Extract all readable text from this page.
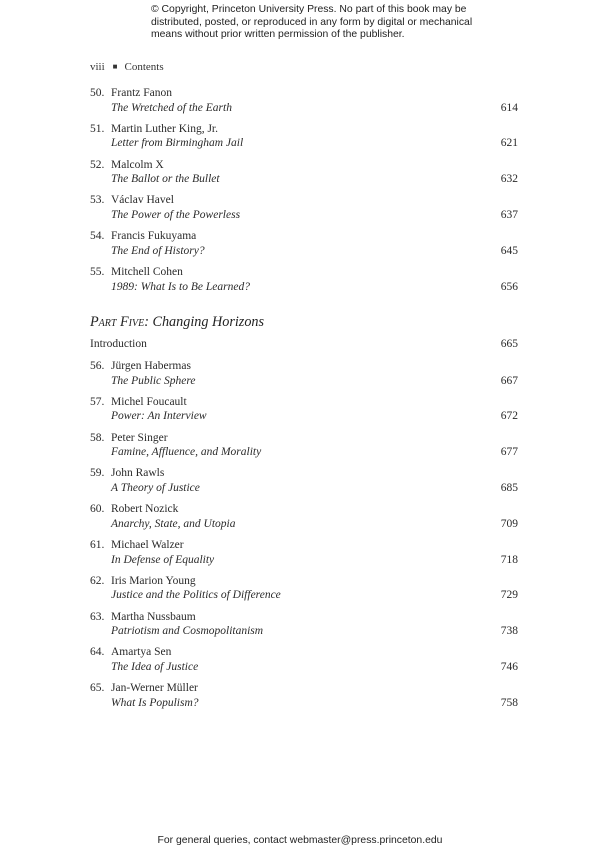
© Copyright, Princeton University Press. No part of this book may be
distributed, posted, or reproduced in any form by digital or mechanical
means without prior written permission of the publisher.
viii ■ Contents
50. Frantz Fanon
The Wretched of the Earth	614
51. Martin Luther King, Jr.
Letter from Birmingham Jail	621
52. Malcolm X
The Ballot or the Bullet	632
53. Václav Havel
The Power of the Powerless	637
54. Francis Fukuyama
The End of History?	645
55. Mitchell Cohen
1989: What Is to Be Learned?	656
Part Five: Changing Horizons
Introduction	665
56. Jürgen Habermas
The Public Sphere	667
57. Michel Foucault
Power: An Interview	672
58. Peter Singer
Famine, Affluence, and Morality	677
59. John Rawls
A Theory of Justice	685
60. Robert Nozick
Anarchy, State, and Utopia	709
61. Michael Walzer
In Defense of Equality	718
62. Iris Marion Young
Justice and the Politics of Difference	729
63. Martha Nussbaum
Patriotism and Cosmopolitanism	738
64. Amartya Sen
The Idea of Justice	746
65. Jan-Werner Müller
What Is Populism?	758
For general queries, contact webmaster@press.princeton.edu
